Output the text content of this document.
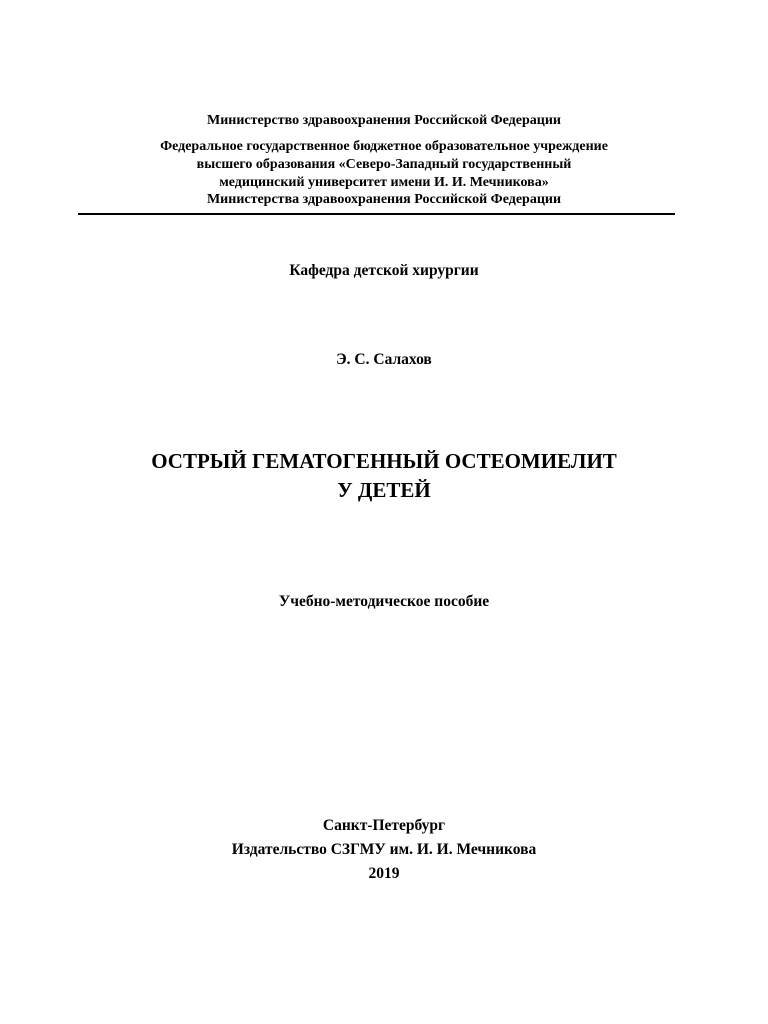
Министерство здравоохранения Российской Федерации
Федеральное государственное бюджетное образовательное учреждение
высшего образования «Северо-Западный государственный
медицинский университет имени И. И. Мечникова»
Министерства здравоохранения Российской Федерации
Кафедра детской хирургии
Э. С. Салахов
ОСТРЫЙ ГЕМАТОГЕННЫЙ ОСТЕОМИЕЛИТ
У ДЕТЕЙ
Учебно-методическое пособие
Санкт-Петербург
Издательство СЗГМУ им. И. И. Мечникова
2019
